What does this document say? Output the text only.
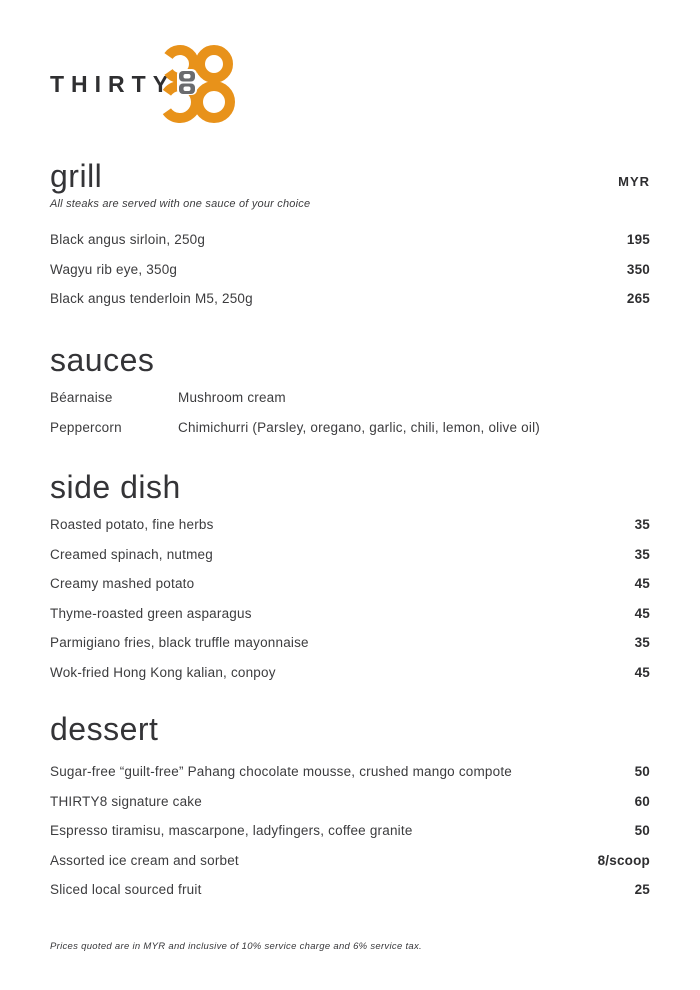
THIRTY
grill	MYR
All steaks are served with one sauce of your choice
Black angus sirloin, 250g	195
Wagyu rib eye, 350g	350
Black angus tenderloin M5, 250g	265
sauces
Béarnaise	Mushroom cream
Peppercorn	Chimichurri (Parsley, oregano, garlic, chili, lemon, olive oil)
side dish
Roasted potato, fine herbs	35
Creamed spinach, nutmeg	35
Creamy mashed potato	45
Thyme-roasted green asparagus	45
Parmigiano fries, black truffle mayonnaise	35
Wok-fried Hong Kong kalian, conpoy	45
dessert
Sugar-free “guilt-free” Pahang chocolate mousse, crushed mango compote	50
THIRTY8 signature cake	60
Espresso tiramisu, mascarpone, ladyfingers, coffee granite	50
Assorted ice cream and sorbet	8/scoop
Sliced local sourced fruit	25
Prices quoted are in MYR and inclusive of 10% service charge and 6% service tax.
